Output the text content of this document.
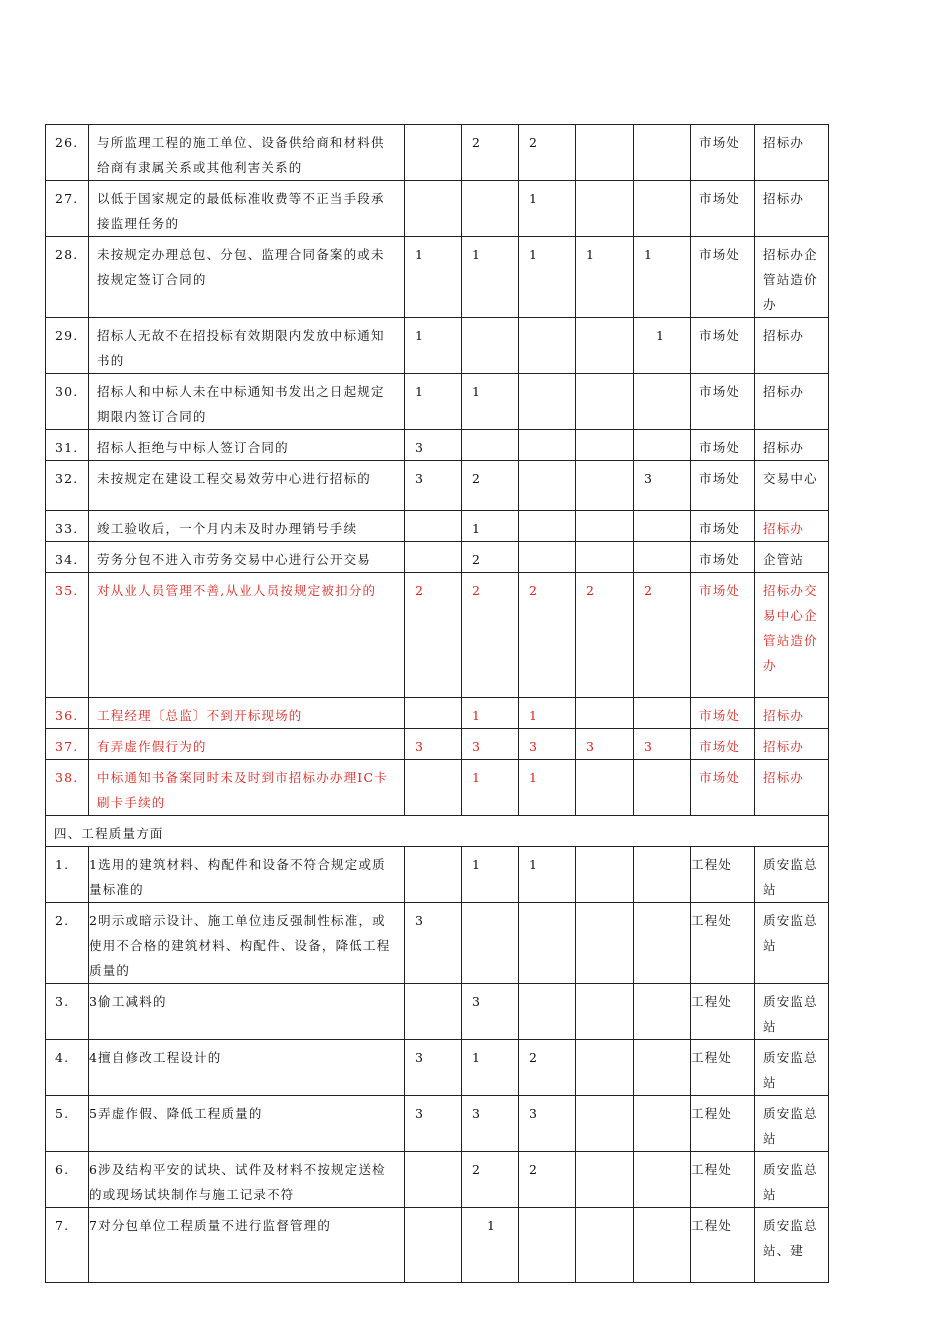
26.	与所监理工程的施工单位、设备供给商和材料供给商有隶属关系或其他利害关系的		2	2			市场处	招标办
27.	以低于国家规定的最低标准收费等不正当手段承接监理任务的			1			市场处	招标办
28.	未按规定办理总包、分包、监理合同备案的或未按规定签订合同的	1	1	1	1	1	市场处	招标办企管站造价办
29.	招标人无故不在招投标有效期限内发放中标通知书的	1				1	市场处	招标办
30.	招标人和中标人未在中标通知书发出之日起规定期限内签订合同的	1	1				市场处	招标办
31.	招标人拒绝与中标人签订合同的	3					市场处	招标办
32.	未按规定在建设工程交易效劳中心进行招标的	3	2			3	市场处	交易中心
33.	竣工验收后，一个月内未及时办理销号手续		1				市场处	招标办
34.	劳务分包不进入市劳务交易中心进行公开交易		2				市场处	企管站
35.	对从业人员管理不善,从业人员按规定被扣分的	2	2	2	2	2	市场处	招标办交易中心企管站造价办
36.	工程经理〔总监〕不到开标现场的		1	1			市场处	招标办
37.	有弄虚作假行为的	3	3	3	3	3	市场处	招标办
38.	中标通知书备案同时未及时到市招标办办理IC卡刷卡手续的		1	1			市场处	招标办
四、工程质量方面								
1.	1选用的建筑材料、构配件和设备不符合规定或质量标准的		1	1			工程处	质安监总站
2.	2明示或暗示设计、施工单位违反强制性标准，或使用不合格的建筑材料、构配件、设备，降低工程质量的	3					工程处	质安监总站
3.	3偷工减料的		3				工程处	质安监总站
4.	4擅自修改工程设计的	3	1	2			工程处	质安监总站
5.	5弄虚作假、降低工程质量的	3	3	3			工程处	质安监总站
6.	6涉及结构平安的试块、试件及材料不按规定送检的或现场试块制作与施工记录不符		2	2			工程处	质安监总站
7.	7对分包单位工程质量不进行监督管理的		1				工程处	质安监总站、建
